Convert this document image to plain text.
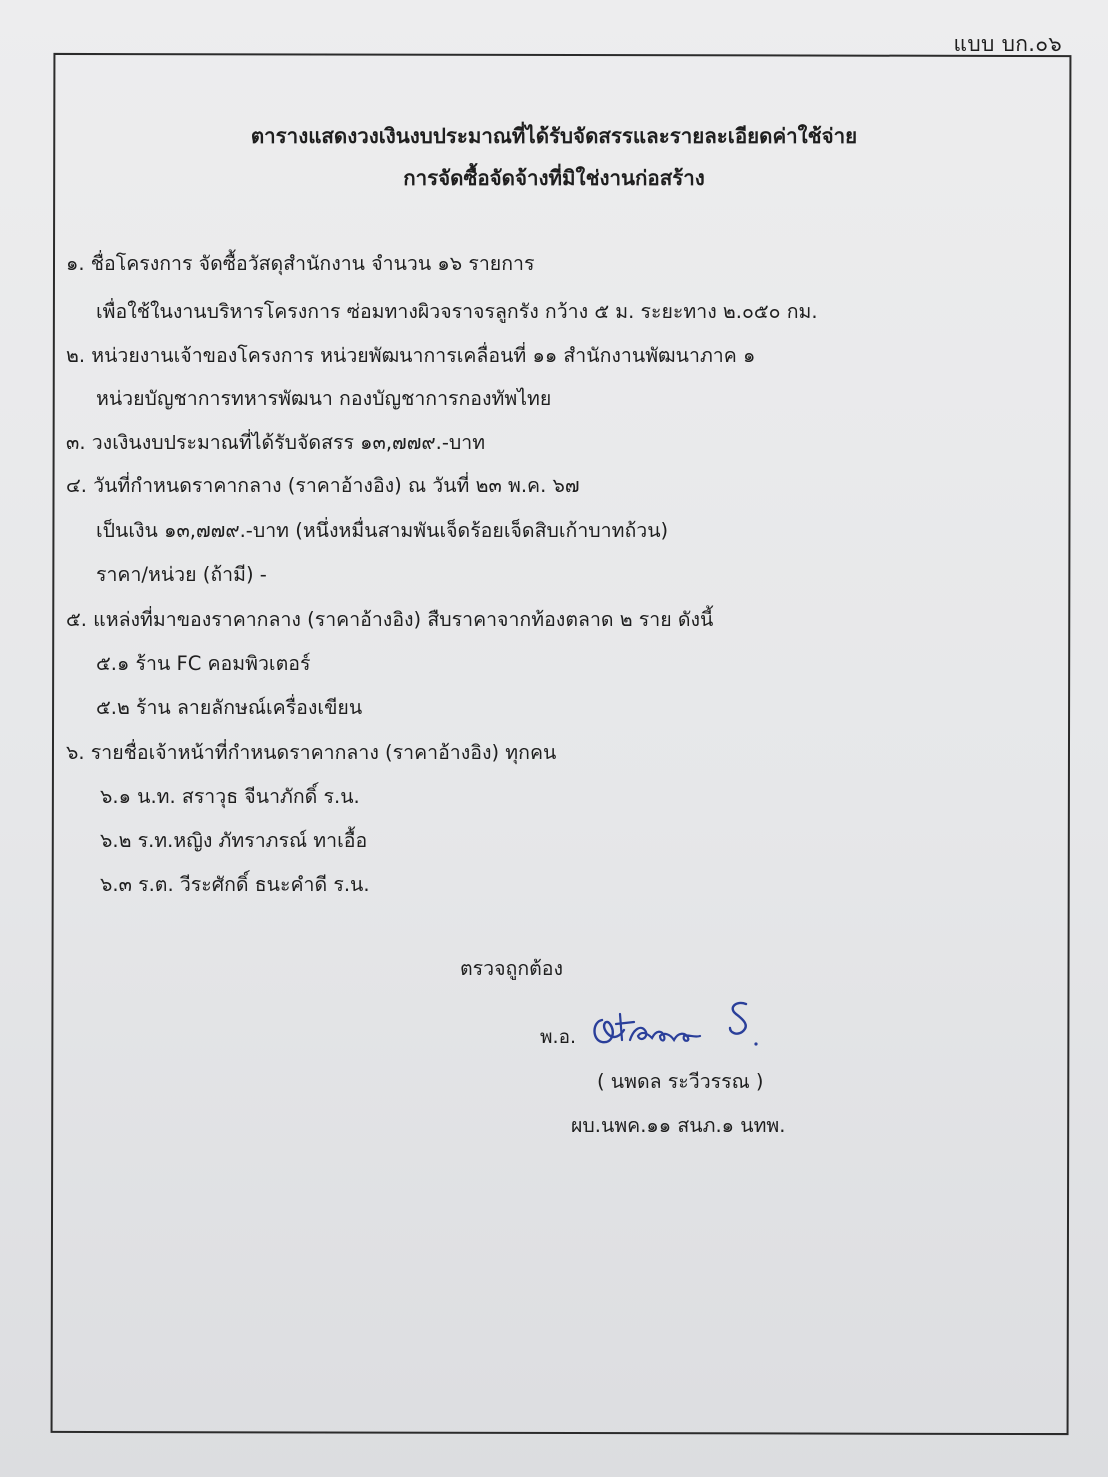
แบบ บก.๐๖
ตารางแสดงวงเงินงบประมาณที่ได้รับจัดสรรและรายละเอียดค่าใช้จ่าย
การจัดซื้อจัดจ้างที่มิใช่งานก่อสร้าง
๑. ชื่อโครงการ จัดซื้อวัสดุสำนักงาน จำนวน ๑๖ รายการ
เพื่อใช้ในงานบริหารโครงการ ซ่อมทางผิวจราจรลูกรัง กว้าง ๕ ม. ระยะทาง ๒.๐๕๐ กม.
๒. หน่วยงานเจ้าของโครงการ หน่วยพัฒนาการเคลื่อนที่ ๑๑ สำนักงานพัฒนาภาค ๑
หน่วยบัญชาการทหารพัฒนา กองบัญชาการกองทัพไทย
๓. วงเงินงบประมาณที่ได้รับจัดสรร ๑๓,๗๗๙.-บาท
๔. วันที่กำหนดราคากลาง (ราคาอ้างอิง) ณ วันที่ ๒๓ พ.ค. ๖๗
เป็นเงิน ๑๓,๗๗๙.-บาท (หนึ่งหมื่นสามพันเจ็ดร้อยเจ็ดสิบเก้าบาทถ้วน)
ราคา/หน่วย (ถ้ามี) -
๕. แหล่งที่มาของราคากลาง (ราคาอ้างอิง) สืบราคาจากท้องตลาด ๒ ราย ดังนี้
๕.๑ ร้าน FC คอมพิวเตอร์
๕.๒ ร้าน ลายลักษณ์เครื่องเขียน
๖. รายชื่อเจ้าหน้าที่กำหนดราคากลาง (ราคาอ้างอิง) ทุกคน
๖.๑ น.ท. สราวุธ จีนาภักดิ์ ร.น.
๖.๒ ร.ท.หญิง ภัทราภรณ์ ทาเอื้อ
๖.๓ ร.ต. วีระศักดิ์ ธนะคำดี ร.น.
ตรวจถูกต้อง
พ.อ.
( นพดล ระวีวรรณ )
ผบ.นพค.๑๑ สนภ.๑ นทพ.
